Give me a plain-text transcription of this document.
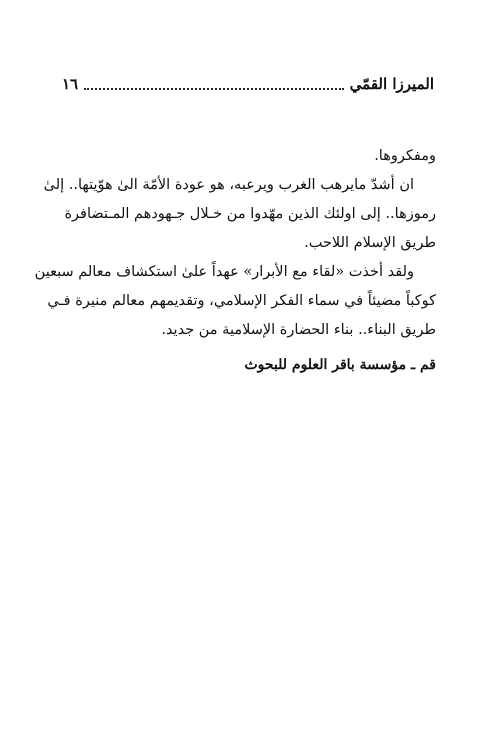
١٦	الميرزا القمّي

ومفكروها.

ان أشدّ مايرهب الغرب ويرعبه، هو عودة الأمّة الىٰ هوّيتها.. إلىٰ

رموزها.. إلى اولئك الذين مهّدوا من خـلال جـهودهم المـتضافرة
طريق الإسلام اللاحب.

ولقد أخذت «لقاء مع الأبرار» عهداً علىٰ استكشاف معالم سبعين

كوكباً مضيئاً في سماء الفكر الإسلامي، وتقديمهم معالم منيرة فـي
طريق البناء.. بناء الحضارة الإسلامية من جديد.

قم ـ مؤسسة باقر العلوم للبحوث
